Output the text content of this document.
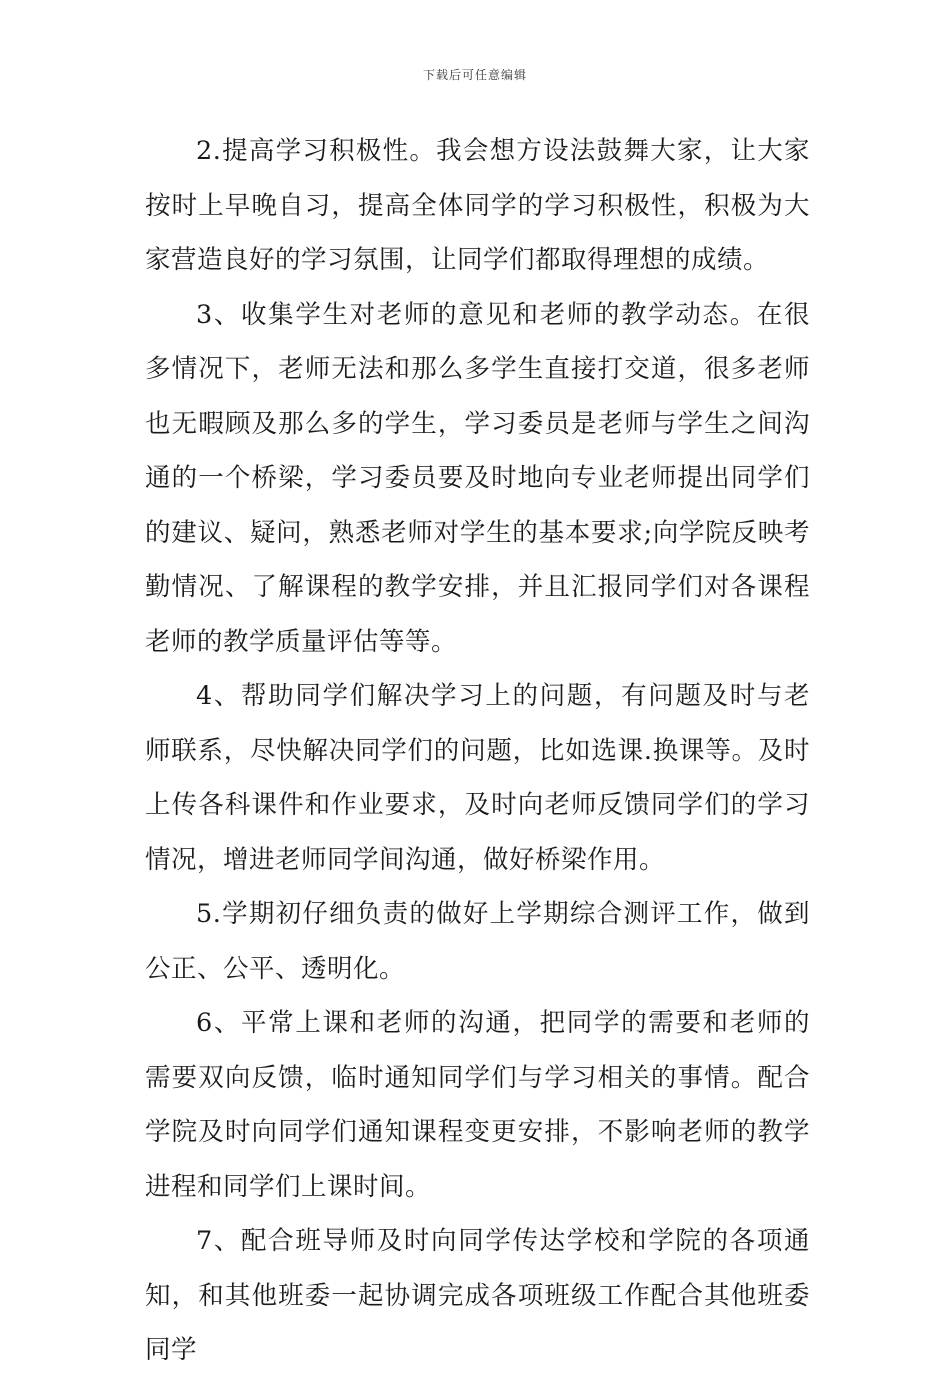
下载后可任意编辑

2.提高学习积极性。我会想方设法鼓舞大家，让大家按时上早晚自习，提高全体同学的学习积极性，积极为大家营造良好的学习氛围，让同学们都取得理想的成绩。

3、收集学生对老师的意见和老师的教学动态。在很多情况下，老师无法和那么多学生直接打交道，很多老师也无暇顾及那么多的学生，学习委员是老师与学生之间沟通的一个桥梁，学习委员要及时地向专业老师提出同学们的建议、疑问，熟悉老师对学生的基本要求;向学院反映考勤情况、了解课程的教学安排，并且汇报同学们对各课程老师的教学质量评估等等。

4、帮助同学们解决学习上的问题，有问题及时与老师联系，尽快解决同学们的问题，比如选课.换课等。及时上传各科课件和作业要求，及时向老师反馈同学们的学习情况，增进老师同学间沟通，做好桥梁作用。

5.学期初仔细负责的做好上学期综合测评工作，做到公正、公平、透明化。

6、平常上课和老师的沟通，把同学的需要和老师的需要双向反馈，临时通知同学们与学习相关的事情。配合学院及时向同学们通知课程变更安排，不影响老师的教学进程和同学们上课时间。

7、配合班导师及时向同学传达学校和学院的各项通知，和其他班委一起协调完成各项班级工作配合其他班委同学
